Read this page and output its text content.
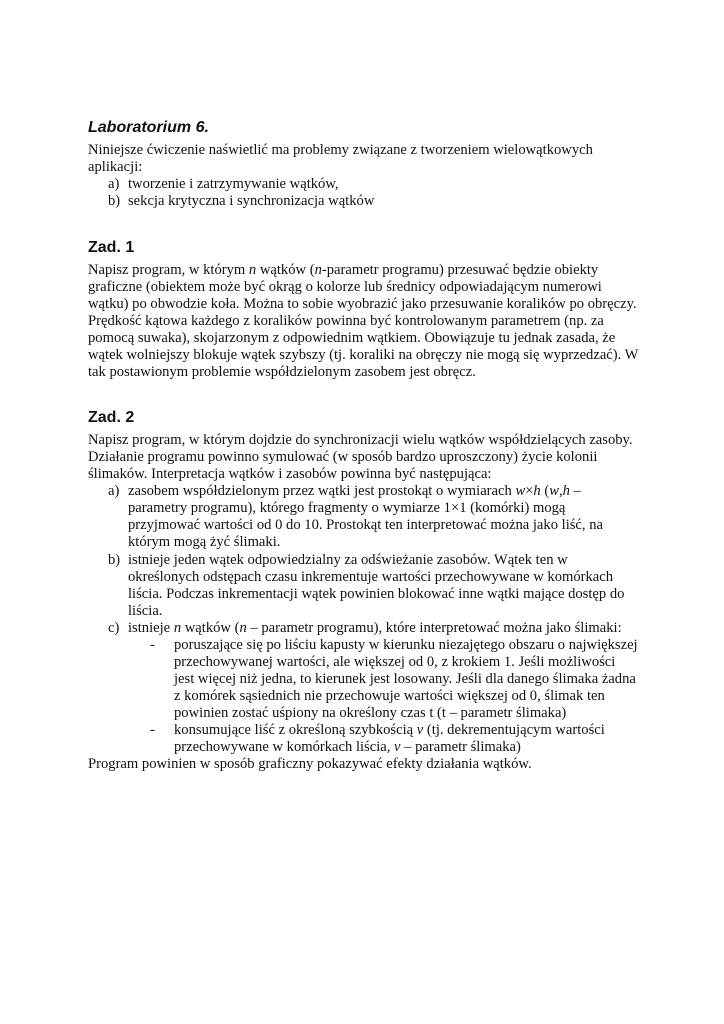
Laboratorium 6.
Niniejsze ćwiczenie naświetlić ma problemy związane z tworzeniem wielowątkowych
aplikacji:
a) tworzenie i zatrzymywanie wątków,
b) sekcja krytyczna i synchronizacja wątków
Zad. 1
Napisz program, w którym n wątków (n-parametr programu) przesuwać będzie obiekty
graficzne (obiektem może być okrąg o kolorze lub średnicy odpowiadającym numerowi
wątku) po obwodzie koła. Można to sobie wyobrazić jako przesuwanie koralików po obręczy.
Prędkość kątowa każdego z koralików powinna być kontrolowanym parametrem (np. za
pomocą suwaka), skojarzonym z odpowiednim wątkiem. Obowiązuje tu jednak zasada, że
wątek wolniejszy blokuje wątek szybszy (tj. koraliki na obręczy nie mogą się wyprzedzać). W
tak postawionym problemie współdzielonym zasobem jest obręcz.
Zad. 2
Napisz program, w którym dojdzie do synchronizacji wielu wątków współdzielących zasoby.
Działanie programu powinno symulować (w sposób bardzo uproszczony) życie kolonii
ślimaków. Interpretacja wątków i zasobów powinna być następująca:
a) zasobem współdzielonym przez wątki jest prostokąt o wymiarach w×h (w,h –
parametry programu), którego fragmenty o wymiarze 1×1 (komórki) mogą
przyjmować wartości od 0 do 10. Prostokąt ten interpretować można jako liść, na
którym mogą żyć ślimaki.
b) istnieje jeden wątek odpowiedzialny za odświeżanie zasobów. Wątek ten w
określonych odstępach czasu inkrementuje wartości przechowywane w komórkach
liścia. Podczas inkrementacji wątek powinien blokować inne wątki mające dostęp do
liścia.
c) istnieje n wątków (n – parametr programu), które interpretować można jako ślimaki:
-	poruszające się po liściu kapusty w kierunku niezajętego obszaru o największej
przechowywanej wartości, ale większej od 0, z krokiem 1. Jeśli możliwości
jest więcej niż jedna, to kierunek jest losowany. Jeśli dla danego ślimaka żadna
z komórek sąsiednich nie przechowuje wartości większej od 0, ślimak ten
powinien zostać uśpiony na określony czas t (t – parametr ślimaka)
-	konsumujące liść z określoną szybkością v (tj. dekrementującym wartości
przechowywane w komórkach liścia, v – parametr ślimaka)
Program powinien w sposób graficzny pokazywać efekty działania wątków.
